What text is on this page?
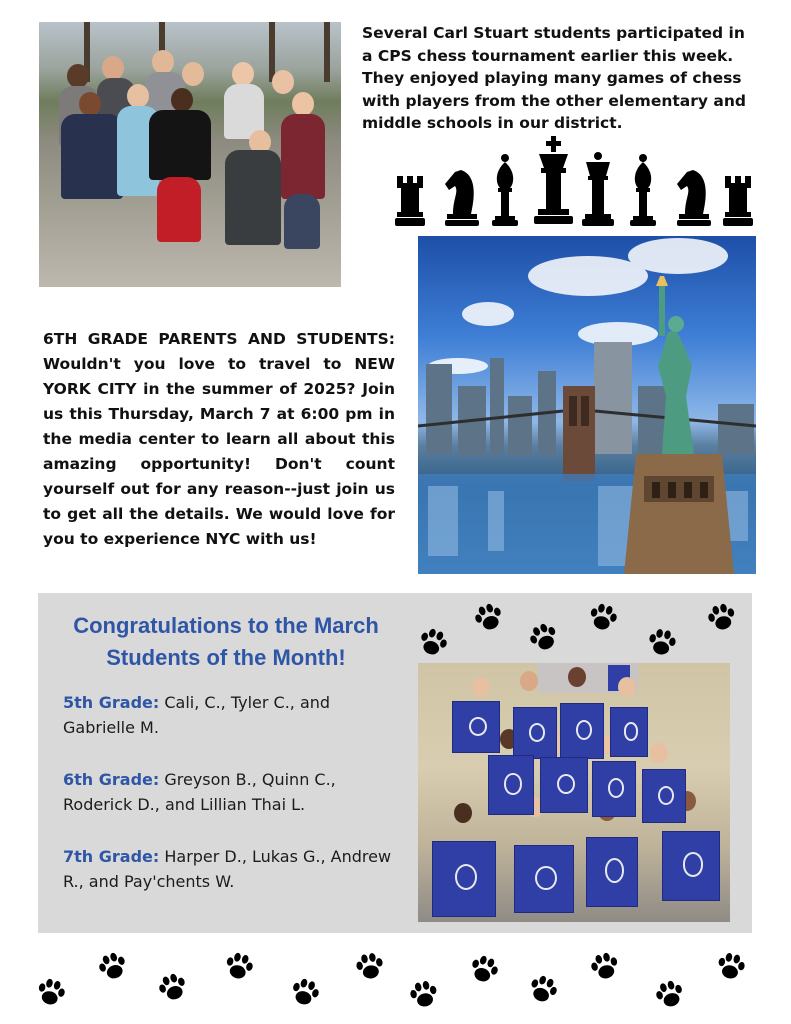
Several Carl Stuart students participated in a CPS chess tournament earlier this week. They enjoyed playing many games of chess with players from the other elementary and middle schools in our district.
6TH GRADE PARENTS AND STUDENTS: Wouldn't you love to travel to NEW YORK CITY in the summer of 2025? Join us this Thursday, March 7 at 6:00 pm in the media center to learn all about this amazing opportunity! Don't count yourself out for any reason--just join us to get all the details. We would love for you to experience NYC with us!
Congratulations to the March Students of the Month!
5th Grade: Cali, C., Tyler C., and Gabrielle M.
6th Grade: Greyson B., Quinn C., Roderick D., and Lillian Thai L.
7th Grade: Harper D., Lukas G., Andrew R., and Pay'chents W.
